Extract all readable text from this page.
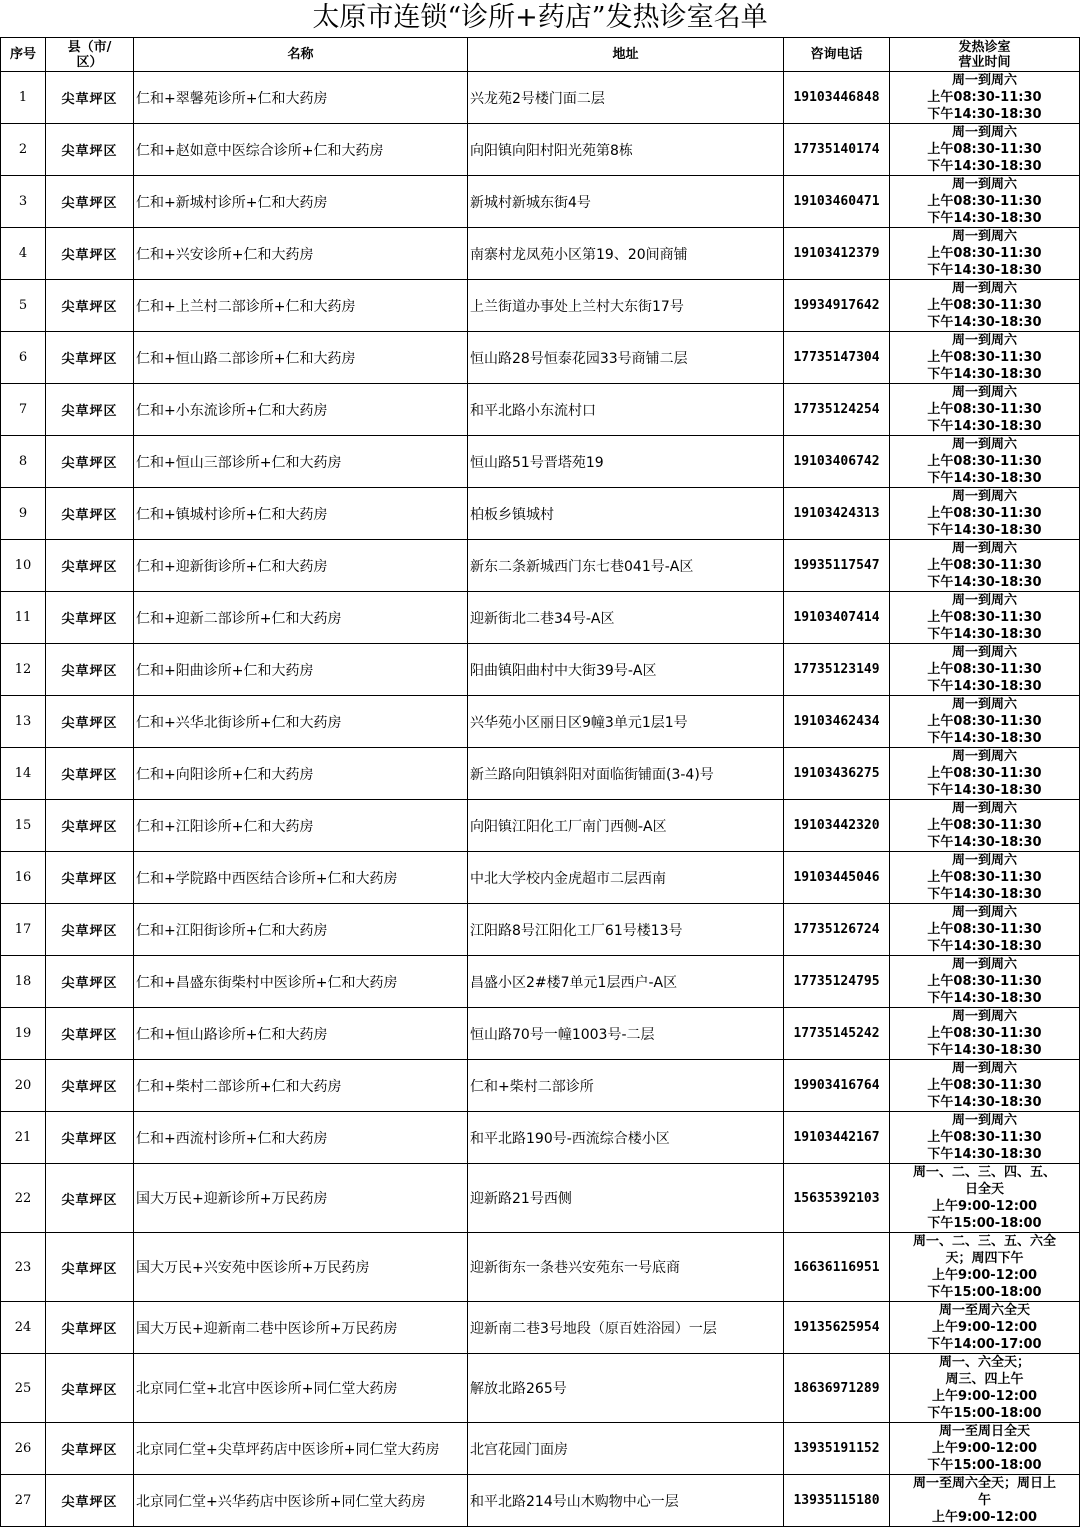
太原市连锁“诊所+药店”发热诊室名单
序号	县（市/
区）	名称	地址	咨询电话	发热诊室
营业时间
1	尖草坪区	仁和+翠馨苑诊所+仁和大药房	兴龙苑2号楼门面二层	19103446848	周一到周六
上午08:30-11:30
下午14:30-18:30
2	尖草坪区	仁和+赵如意中医综合诊所+仁和大药房	向阳镇向阳村阳光苑第8栋	17735140174	周一到周六
上午08:30-11:30
下午14:30-18:30
3	尖草坪区	仁和+新城村诊所+仁和大药房	新城村新城东街4号	19103460471	周一到周六
上午08:30-11:30
下午14:30-18:30
4	尖草坪区	仁和+兴安诊所+仁和大药房	南寨村龙凤苑小区第19、20间商铺	19103412379	周一到周六
上午08:30-11:30
下午14:30-18:30
5	尖草坪区	仁和+上兰村二部诊所+仁和大药房	上兰街道办事处上兰村大东街17号	19934917642	周一到周六
上午08:30-11:30
下午14:30-18:30
6	尖草坪区	仁和+恒山路二部诊所+仁和大药房	恒山路28号恒泰花园33号商铺二层	17735147304	周一到周六
上午08:30-11:30
下午14:30-18:30
7	尖草坪区	仁和+小东流诊所+仁和大药房	和平北路小东流村口	17735124254	周一到周六
上午08:30-11:30
下午14:30-18:30
8	尖草坪区	仁和+恒山三部诊所+仁和大药房	恒山路51号晋塔苑19	19103406742	周一到周六
上午08:30-11:30
下午14:30-18:30
9	尖草坪区	仁和+镇城村诊所+仁和大药房	柏板乡镇城村	19103424313	周一到周六
上午08:30-11:30
下午14:30-18:30
10	尖草坪区	仁和+迎新街诊所+仁和大药房	新东二条新城西门东七巷041号-A区	19935117547	周一到周六
上午08:30-11:30
下午14:30-18:30
11	尖草坪区	仁和+迎新二部诊所+仁和大药房	迎新街北二巷34号-A区	19103407414	周一到周六
上午08:30-11:30
下午14:30-18:30
12	尖草坪区	仁和+阳曲诊所+仁和大药房	阳曲镇阳曲村中大街39号-A区	17735123149	周一到周六
上午08:30-11:30
下午14:30-18:30
13	尖草坪区	仁和+兴华北街诊所+仁和大药房	兴华苑小区丽日区9幢3单元1层1号	19103462434	周一到周六
上午08:30-11:30
下午14:30-18:30
14	尖草坪区	仁和+向阳诊所+仁和大药房	新兰路向阳镇斜阳对面临街铺面(3-4)号	19103436275	周一到周六
上午08:30-11:30
下午14:30-18:30
15	尖草坪区	仁和+江阳诊所+仁和大药房	向阳镇江阳化工厂南门西侧-A区	19103442320	周一到周六
上午08:30-11:30
下午14:30-18:30
16	尖草坪区	仁和+学院路中西医结合诊所+仁和大药房	中北大学校内金虎超市二层西南	19103445046	周一到周六
上午08:30-11:30
下午14:30-18:30
17	尖草坪区	仁和+江阳街诊所+仁和大药房	江阳路8号江阳化工厂61号楼13号	17735126724	周一到周六
上午08:30-11:30
下午14:30-18:30
18	尖草坪区	仁和+昌盛东街柴村中医诊所+仁和大药房	昌盛小区2#楼7单元1层西户-A区	17735124795	周一到周六
上午08:30-11:30
下午14:30-18:30
19	尖草坪区	仁和+恒山路诊所+仁和大药房	恒山路70号一幢1003号-二层	17735145242	周一到周六
上午08:30-11:30
下午14:30-18:30
20	尖草坪区	仁和+柴村二部诊所+仁和大药房	仁和+柴村二部诊所	19903416764	周一到周六
上午08:30-11:30
下午14:30-18:30
21	尖草坪区	仁和+西流村诊所+仁和大药房	和平北路190号-西流综合楼小区	19103442167	周一到周六
上午08:30-11:30
下午14:30-18:30
22	尖草坪区	国大万民+迎新诊所+万民药房	迎新路21号西侧	15635392103	周一、二、三、四、五、
日全天
上午9:00-12:00
下午15:00-18:00
23	尖草坪区	国大万民+兴安苑中医诊所+万民药房	迎新街东一条巷兴安苑东一号底商	16636116951	周一、二、三、五、六全
天；周四下午
上午9:00-12:00
下午15:00-18:00
24	尖草坪区	国大万民+迎新南二巷中医诊所+万民药房	迎新南二巷3号地段（原百姓浴园）一层	19135625954	周一至周六全天
上午9:00-12:00
下午14:00-17:00
25	尖草坪区	北京同仁堂+北宫中医诊所+同仁堂大药房	解放北路265号	18636971289	周一、六全天；
周三、四上午
上午9:00-12:00
下午15:00-18:00
26	尖草坪区	北京同仁堂+尖草坪药店中医诊所+同仁堂大药房	北宫花园门面房	13935191152	周一至周日全天
上午9:00-12:00
下午15:00-18:00
27	尖草坪区	北京同仁堂+兴华药店中医诊所+同仁堂大药房	和平北路214号山木购物中心一层	13935115180	周一至周六全天；周日上
午
上午9:00-12:00
